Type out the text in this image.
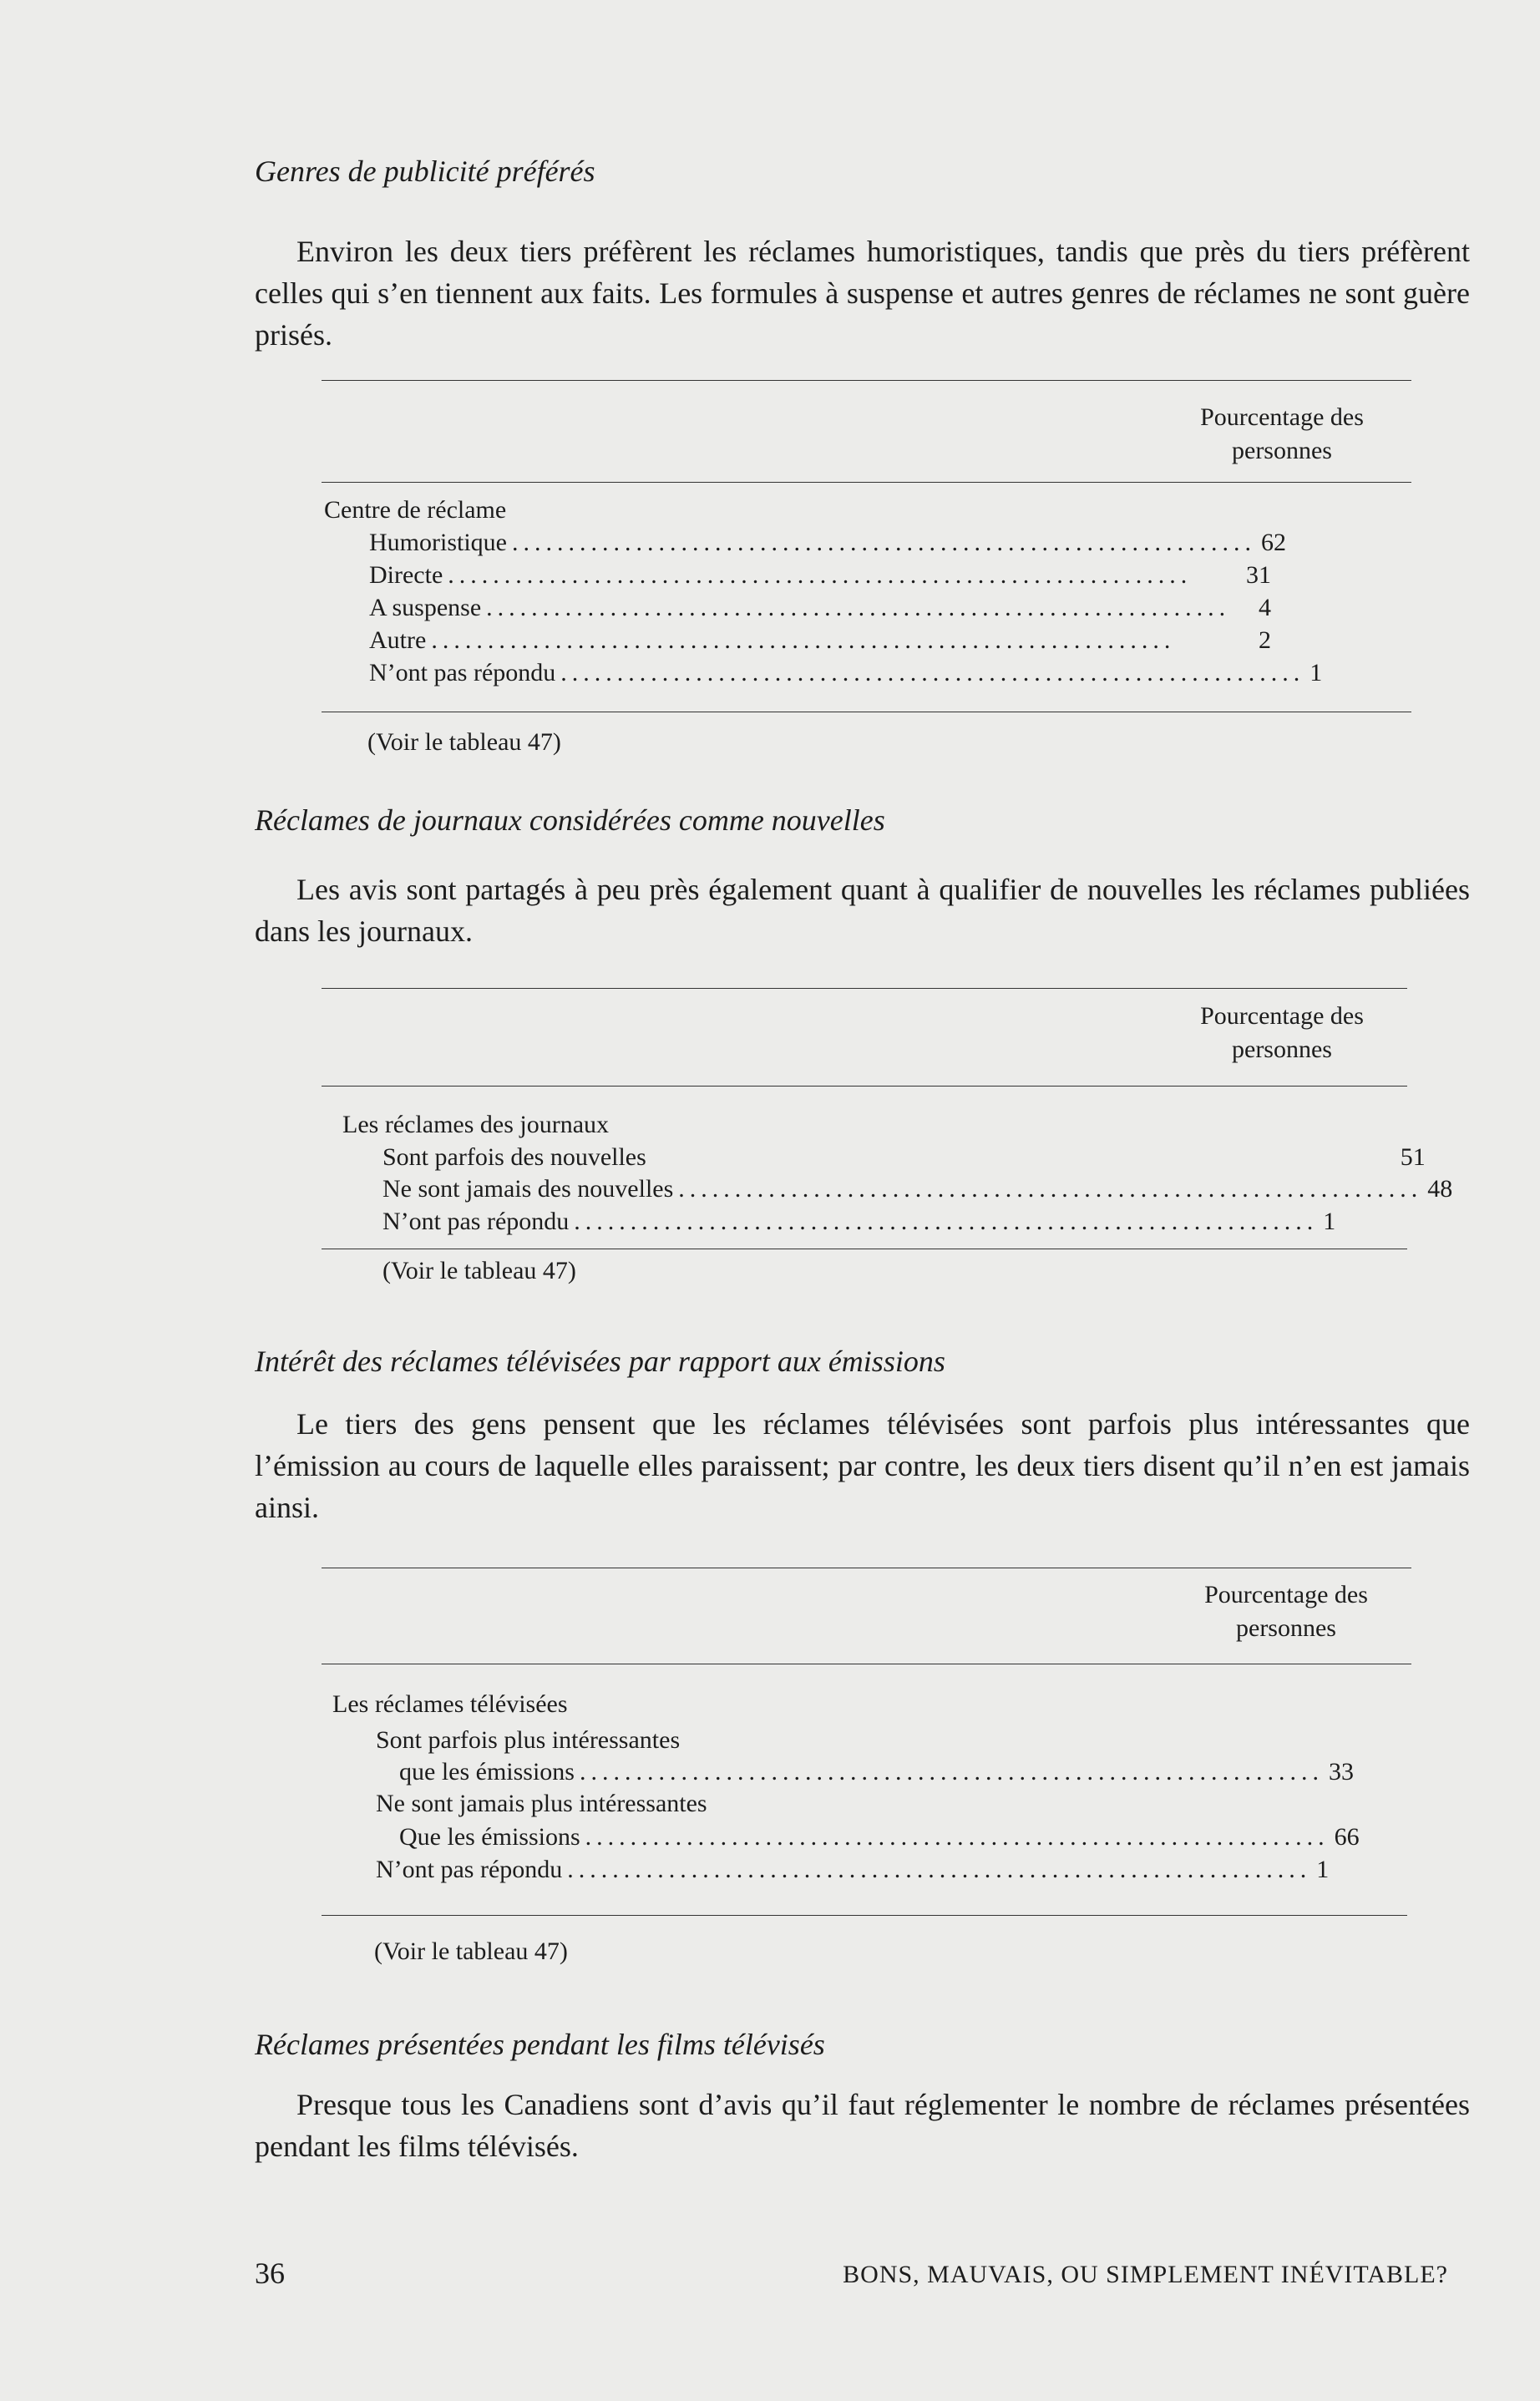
Genres de publicité préférés

Environ les deux tiers préfèrent les réclames humoristiques, tandis que près du tiers préfèrent celles qui s’en tiennent aux faits. Les formules à suspense et autres genres de réclames ne sont guère prisés.

Pourcentage des
personnes
Centre de réclame
Humoristique .................................................................. 62
Directe ..................................................................	31
A suspense ..................................................................	4
Autre ..................................................................	2
N’ont pas répondu .................................................................. 1
(Voir le tableau 47)
Réclames de journaux considérées comme nouvelles

Les avis sont partagés à peu près également quant à qualifier de nouvelles les réclames publiées dans les journaux.

Pourcentage des
personnes
Les réclames des journaux
Sont parfois des nouvelles	51
Ne sont jamais des nouvelles .................................................................. 48
N’ont pas répondu .................................................................. 1
(Voir le tableau 47)
Intérêt des réclames télévisées par rapport aux émissions

Le tiers des gens pensent que les réclames télévisées sont parfois plus intéressantes que l’émission au cours de laquelle elles paraissent; par contre, les deux tiers disent qu’il n’en est jamais ainsi.

Pourcentage des
personnes
Les réclames télévisées
Sont parfois plus intéressantes
que les émissions .................................................................. 33
Ne sont jamais plus intéressantes
Que les émissions .................................................................. 66
N’ont pas répondu .................................................................. 1
(Voir le tableau 47)
Réclames présentées pendant les films télévisés

Presque tous les Canadiens sont d’avis qu’il faut réglementer le nombre de réclames présentées pendant les films télévisés.

36	BONS, MAUVAIS, OU SIMPLEMENT INÉVITABLE?
